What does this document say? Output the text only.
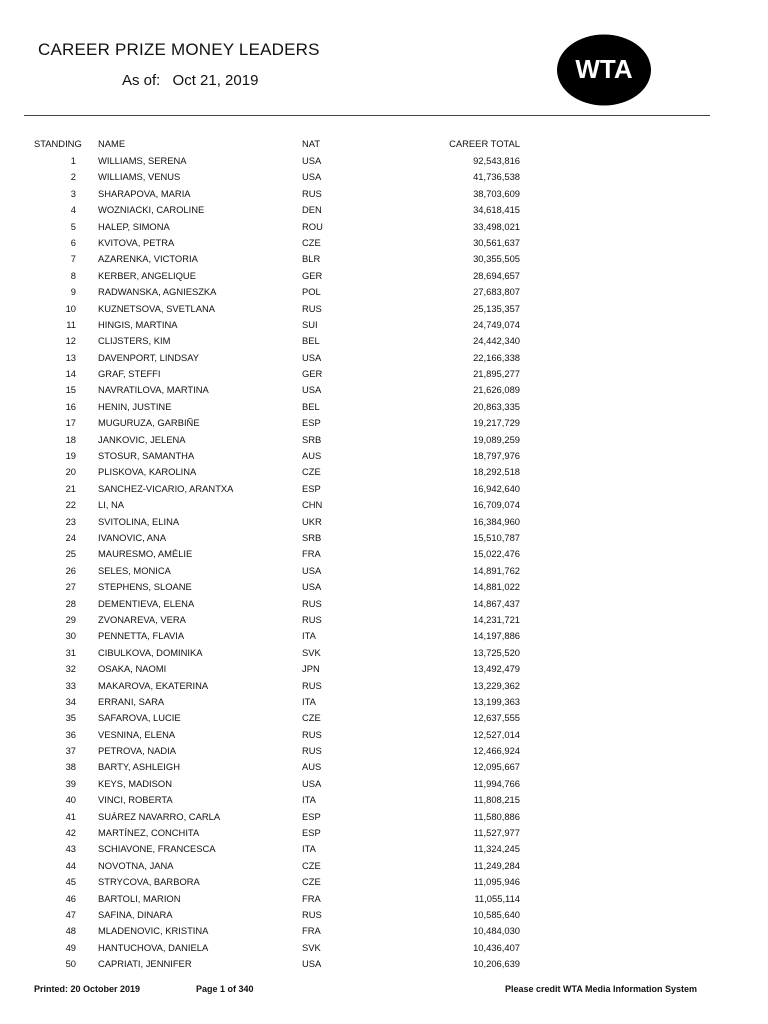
CAREER PRIZE MONEY LEADERS
As of: Oct 21, 2019	WTA
STANDING	NAME	NAT	CAREER TOTAL
1 WILLIAMS, SERENA	USA	92,543,816
2 WILLIAMS, VENUS	USA	41,736,538
3 SHARAPOVA, MARIA	RUS	38,703,609
4 WOZNIACKI, CAROLINE	DEN	34,618,415
5 HALEP, SIMONA	ROU	33,498,021
6 KVITOVA, PETRA	CZE	30,561,637
7 AZARENKA, VICTORIA	BLR	30,355,505
8 KERBER, ANGELIQUE	GER	28,694,657
9 RADWANSKA, AGNIESZKA	POL	27,683,807
10 KUZNETSOVA, SVETLANA	RUS	25,135,357
11 HINGIS, MARTINA	SUI	24,749,074
12 CLIJSTERS, KIM	BEL	24,442,340
13 DAVENPORT, LINDSAY	USA	22,166,338
14 GRAF, STEFFI	GER	21,895,277
15 NAVRATILOVA, MARTINA	USA	21,626,089
16 HENIN, JUSTINE	BEL	20,863,335
17 MUGURUZA, GARBIÑE	ESP	19,217,729
18 JANKOVIC, JELENA	SRB	19,089,259
19 STOSUR, SAMANTHA	AUS	18,797,976
20 PLISKOVA, KAROLINA	CZE	18,292,518
21 SANCHEZ-VICARIO, ARANTXA	ESP	16,942,640
22 LI, NA	CHN	16,709,074
23 SVITOLINA, ELINA	UKR	16,384,960
24 IVANOVIC, ANA	SRB	15,510,787
25 MAURESMO, AMÉLIE	FRA	15,022,476
26 SELES, MONICA	USA	14,891,762
27 STEPHENS, SLOANE	USA	14,881,022
28 DEMENTIEVA, ELENA	RUS	14,867,437
29 ZVONAREVA, VERA	RUS	14,231,721
30 PENNETTA, FLAVIA	ITA	14,197,886
31 CIBULKOVA, DOMINIKA	SVK	13,725,520
32 OSAKA, NAOMI	JPN	13,492,479
33 MAKAROVA, EKATERINA	RUS	13,229,362
34 ERRANI, SARA	ITA	13,199,363
35 SAFAROVA, LUCIE	CZE	12,637,555
36 VESNINA, ELENA	RUS	12,527,014
37 PETROVA, NADIA	RUS	12,466,924
38 BARTY, ASHLEIGH	AUS	12,095,667
39 KEYS, MADISON	USA	11,994,766
40 VINCI, ROBERTA	ITA	11,808,215
41 SUÁREZ NAVARRO, CARLA	ESP	11,580,886
42 MARTÍNEZ, CONCHITA	ESP	11,527,977
43 SCHIAVONE, FRANCESCA	ITA	11,324,245
44 NOVOTNA, JANA	CZE	11,249,284
45 STRYCOVA, BARBORA	CZE	11,095,946
46 BARTOLI, MARION	FRA	11,055,114
47 SAFINA, DINARA	RUS	10,585,640
48 MLADENOVIC, KRISTINA	FRA	10,484,030
49 HANTUCHOVA, DANIELA	SVK	10,436,407
50 CAPRIATI, JENNIFER	USA	10,206,639
Printed: 20 October 2019	Page 1 of 340	Please credit WTA Media Information System
